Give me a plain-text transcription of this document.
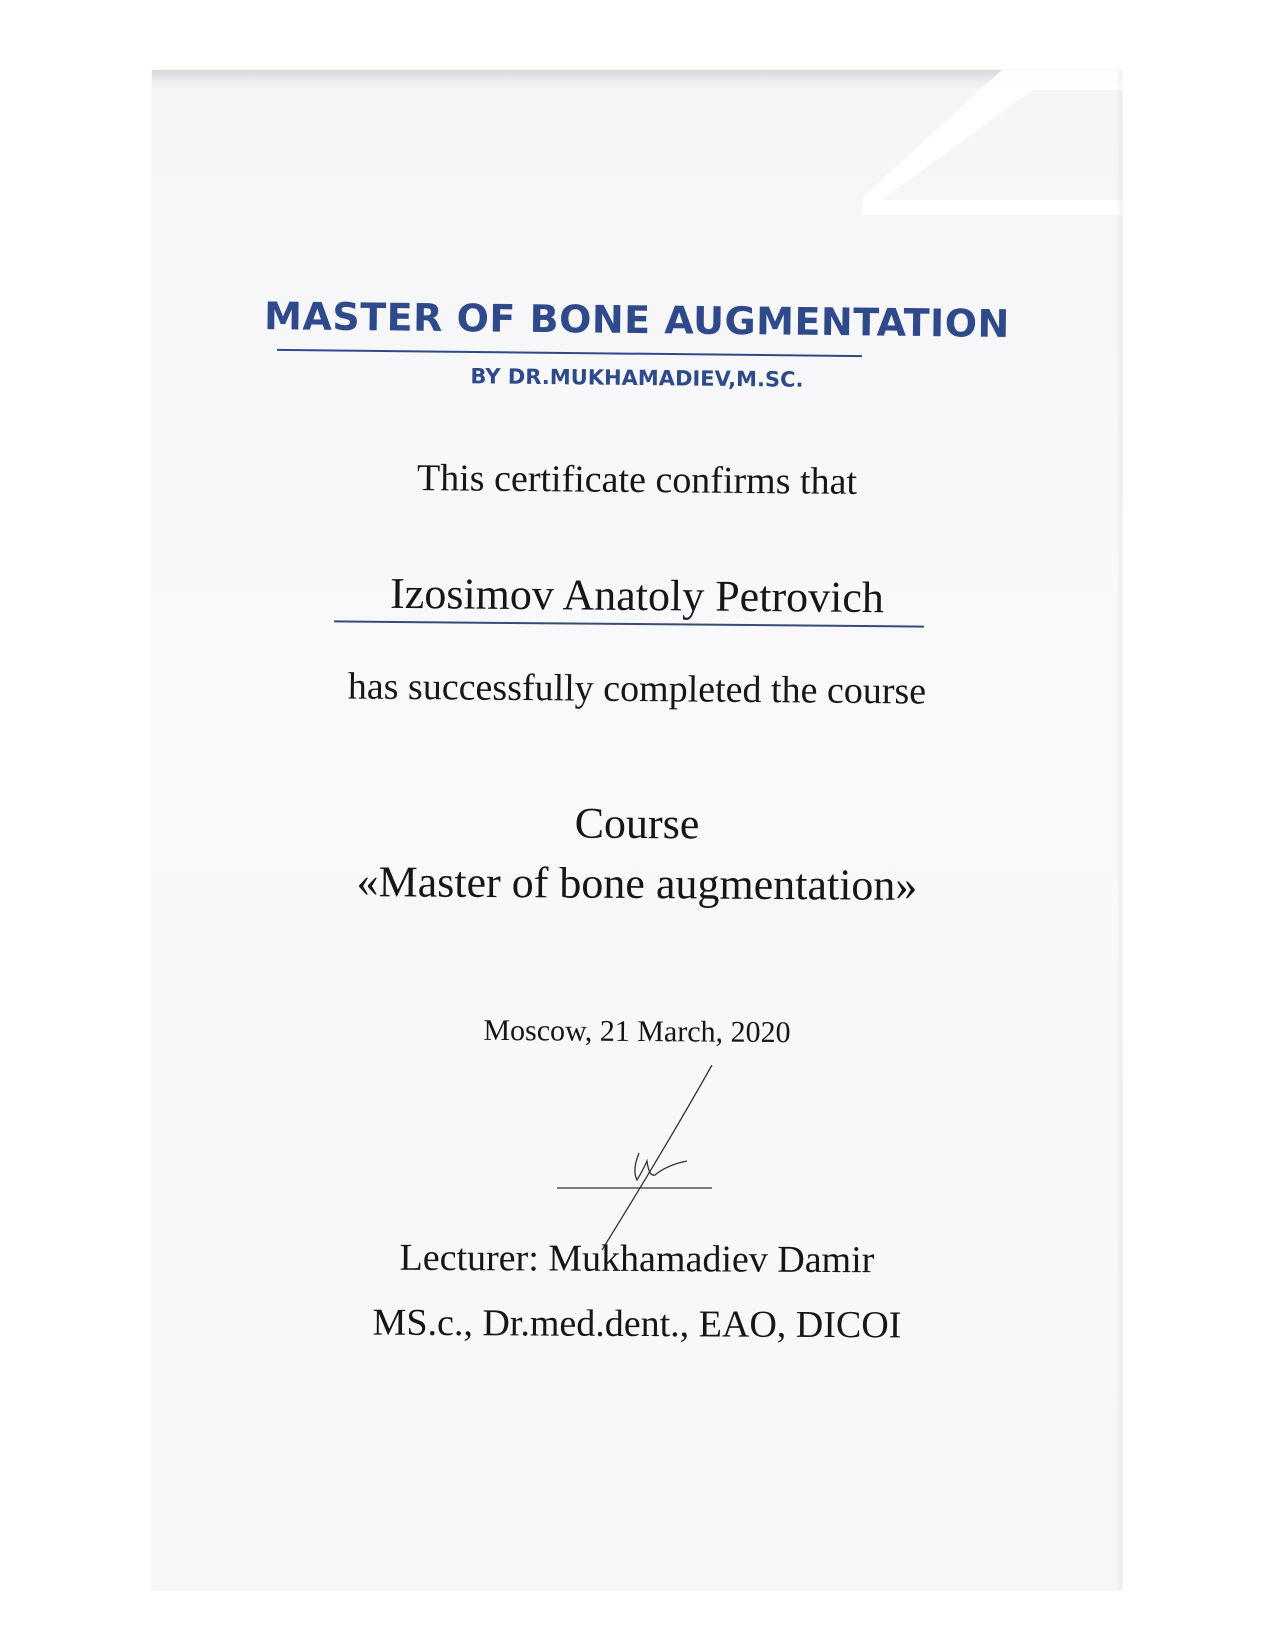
MASTER OF BONE AUGMENTATION
BY DR.MUKHAMADIEV,M.SC.
This certificate confirms that
Izosimov Anatoly Petrovich
has successfully completed the course
Course
«Master of bone augmentation»
Moscow, 21 March, 2020
Lecturer: Mukhamadiev Damir
MS.c., Dr.med.dent., EAO, DICOI
